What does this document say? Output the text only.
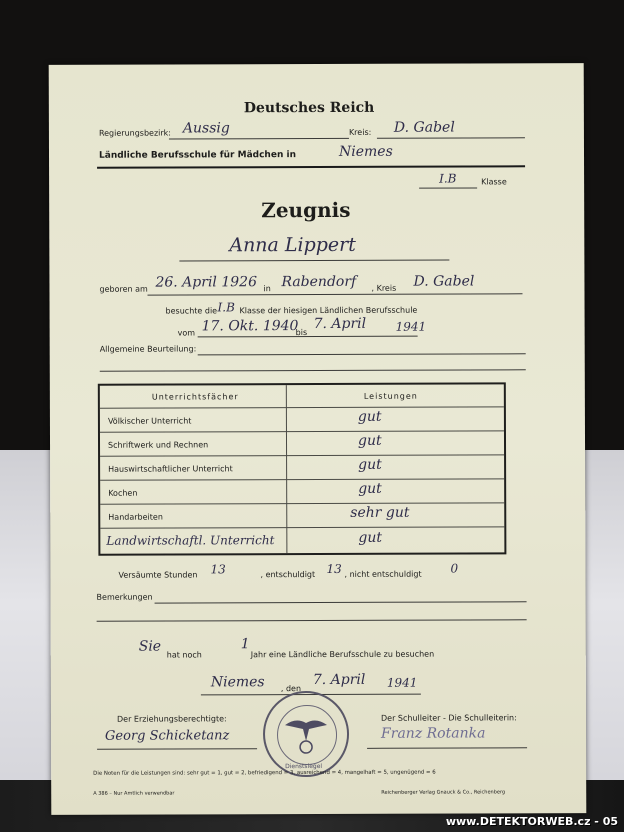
Deutsches Reich
Regierungsbezirk: Aussig	Kreis: D. Gabel
Ländliche Berufsschule für Mädchen in	Niemes
I.B	Klasse
Zeugnis
Anna Lippert
geboren am 26. April 1926 in Rabendorf , Kreis D. Gabel
besuchte die I.B Klasse der hiesigen Ländlichen Berufsschule
vom 17. Okt. 1940
bis
7. April 1941
Allgemeine Beurteilung:
Unterrichtsfächer	Leistungen
Völkischer Unterricht	gut
Schriftwerk und Rechnen	gut
Hauswirtschaftlicher Unterricht	gut
Kochen	gut
Handarbeiten	sehr gut
Landwirtschaftl. Unterricht	gut
Versäumte Stunden 13	, entschuldigt 13 , nicht entschuldigt 0
Bemerkungen
Sie
hat noch
1
Jahr eine Ländliche Berufsschule zu besuchen
Niemes , den
7. April 1941
Der Erziehungsberechtigte:
Georg Schicketanz
Der Schulleiter - Die Schulleiterin:
Franz Rotanka
Dienstsiegel
Die Noten für die Leistungen sind: sehr gut = 1, gut = 2, befriedigend = 3, ausreichend = 4, mangelhaft = 5, ungenügend = 6
A 386 – Nur Amtlich verwendbar	Reichenberger Verlag Gnauck & Co., Reichenberg
www.DETEKTORWEB.cz - 05
